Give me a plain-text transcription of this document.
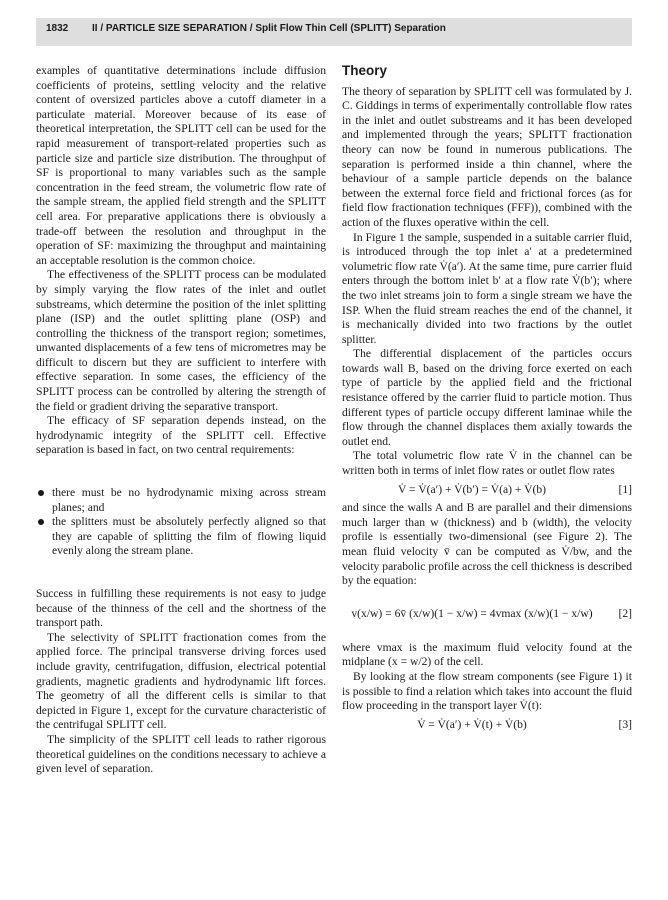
1832 II / PARTICLE SIZE SEPARATION / Split Flow Thin Cell (SPLITT) Separation

examples of quantitative determinations include diffusion coefficients of proteins, settling velocity and the relative content of oversized particles above a cutoff diameter in a particulate material. Moreover because of its ease of theoretical interpretation, the SPLITT cell can be used for the rapid measurement of transport-related properties such as particle size and particle size distribution. The throughput of SF is proportional to many variables such as the sample concentration in the feed stream, the volumetric flow rate of the sample stream, the applied field strength and the SPLITT cell area. For preparative applications there is obviously a trade-off between the resolution and throughput in the operation of SF: maximizing the throughput and maintaining an acceptable resolution is the common choice.

The effectiveness of the SPLITT process can be modulated by simply varying the flow rates of the inlet and outlet substreams, which determine the position of the inlet splitting plane (ISP) and the outlet splitting plane (OSP) and controlling the thickness of the transport region; sometimes, unwanted displacements of a few tens of micrometres may be difficult to discern but they are sufficient to interfere with effective separation. In some cases, the efficiency of the SPLITT process can be controlled by altering the strength of the field or gradient driving the separative transport.

The efficacy of SF separation depends instead, on the hydrodynamic integrity of the SPLITT cell. Effective separation is based in fact, on two central requirements:

there must be no hydrodynamic mixing across stream planes; and
the splitters must be absolutely perfectly aligned so that they are capable of splitting the film of flowing liquid evenly along the stream plane.

Success in fulfilling these requirements is not easy to judge because of the thinness of the cell and the shortness of the transport path.

The selectivity of SPLITT fractionation comes from the applied force. The principal transverse driving forces used include gravity, centrifugation, diffusion, electrical potential gradients, magnetic gradients and hydrodynamic lift forces. The geometry of all the different cells is similar to that depicted in Figure 1, except for the curvature characteristic of the centrifugal SPLITT cell.

The simplicity of the SPLITT cell leads to rather rigorous theoretical guidelines on the conditions necessary to achieve a given level of separation.

Theory

The theory of separation by SPLITT cell was formulated by J. C. Giddings in terms of experimentally controllable flow rates in the inlet and outlet substreams and it has been developed and implemented through the years; SPLITT fractionation theory can now be found in numerous publications. The separation is performed inside a thin channel, where the behaviour of a sample particle depends on the balance between the external force field and frictional forces (as for field flow fractionation techniques (FFF)), combined with the action of the fluxes operative within the cell.

In Figure 1 the sample, suspended in a suitable carrier fluid, is introduced through the top inlet a′ at a predetermined volumetric flow rate V̇(a′). At the same time, pure carrier fluid enters through the bottom inlet b′ at a flow rate V̇(b′); where the two inlet streams join to form a single stream we have the ISP. When the fluid stream reaches the end of the channel, it is mechanically divided into two fractions by the outlet splitter.

The differential displacement of the particles occurs towards wall B, based on the driving force exerted on each type of particle by the applied field and the frictional resistance offered by the carrier fluid to particle motion. Thus different types of particle occupy different laminae while the flow through the channel displaces them axially towards the outlet end.

The total volumetric flow rate V̇ in the channel can be written both in terms of inlet flow rates or outlet flow rates

V̇ = V̇(a′) + V̇(b′) = V̇(a) + V̇(b)	[1]

and since the walls A and B are parallel and their dimensions much larger than w (thickness) and b (width), the velocity profile is essentially two-dimensional (see Figure 2). The mean fluid velocity v̄ can be computed as V̇/bw, and the velocity parabolic profile across the cell thickness is described by the equation:

v(x/w) = 6v̄ (x/w)(1 − x/w) = 4vmax (x/w)(1 − x/w)	[2]

where vmax is the maximum fluid velocity found at the midplane (x = w/2) of the cell.

By looking at the flow stream components (see Figure 1) it is possible to find a relation which takes into account the fluid flow proceeding in the transport layer V̇(t):

V̇ = V̇(a′) + V̇(t) + V̇(b)	[3]
